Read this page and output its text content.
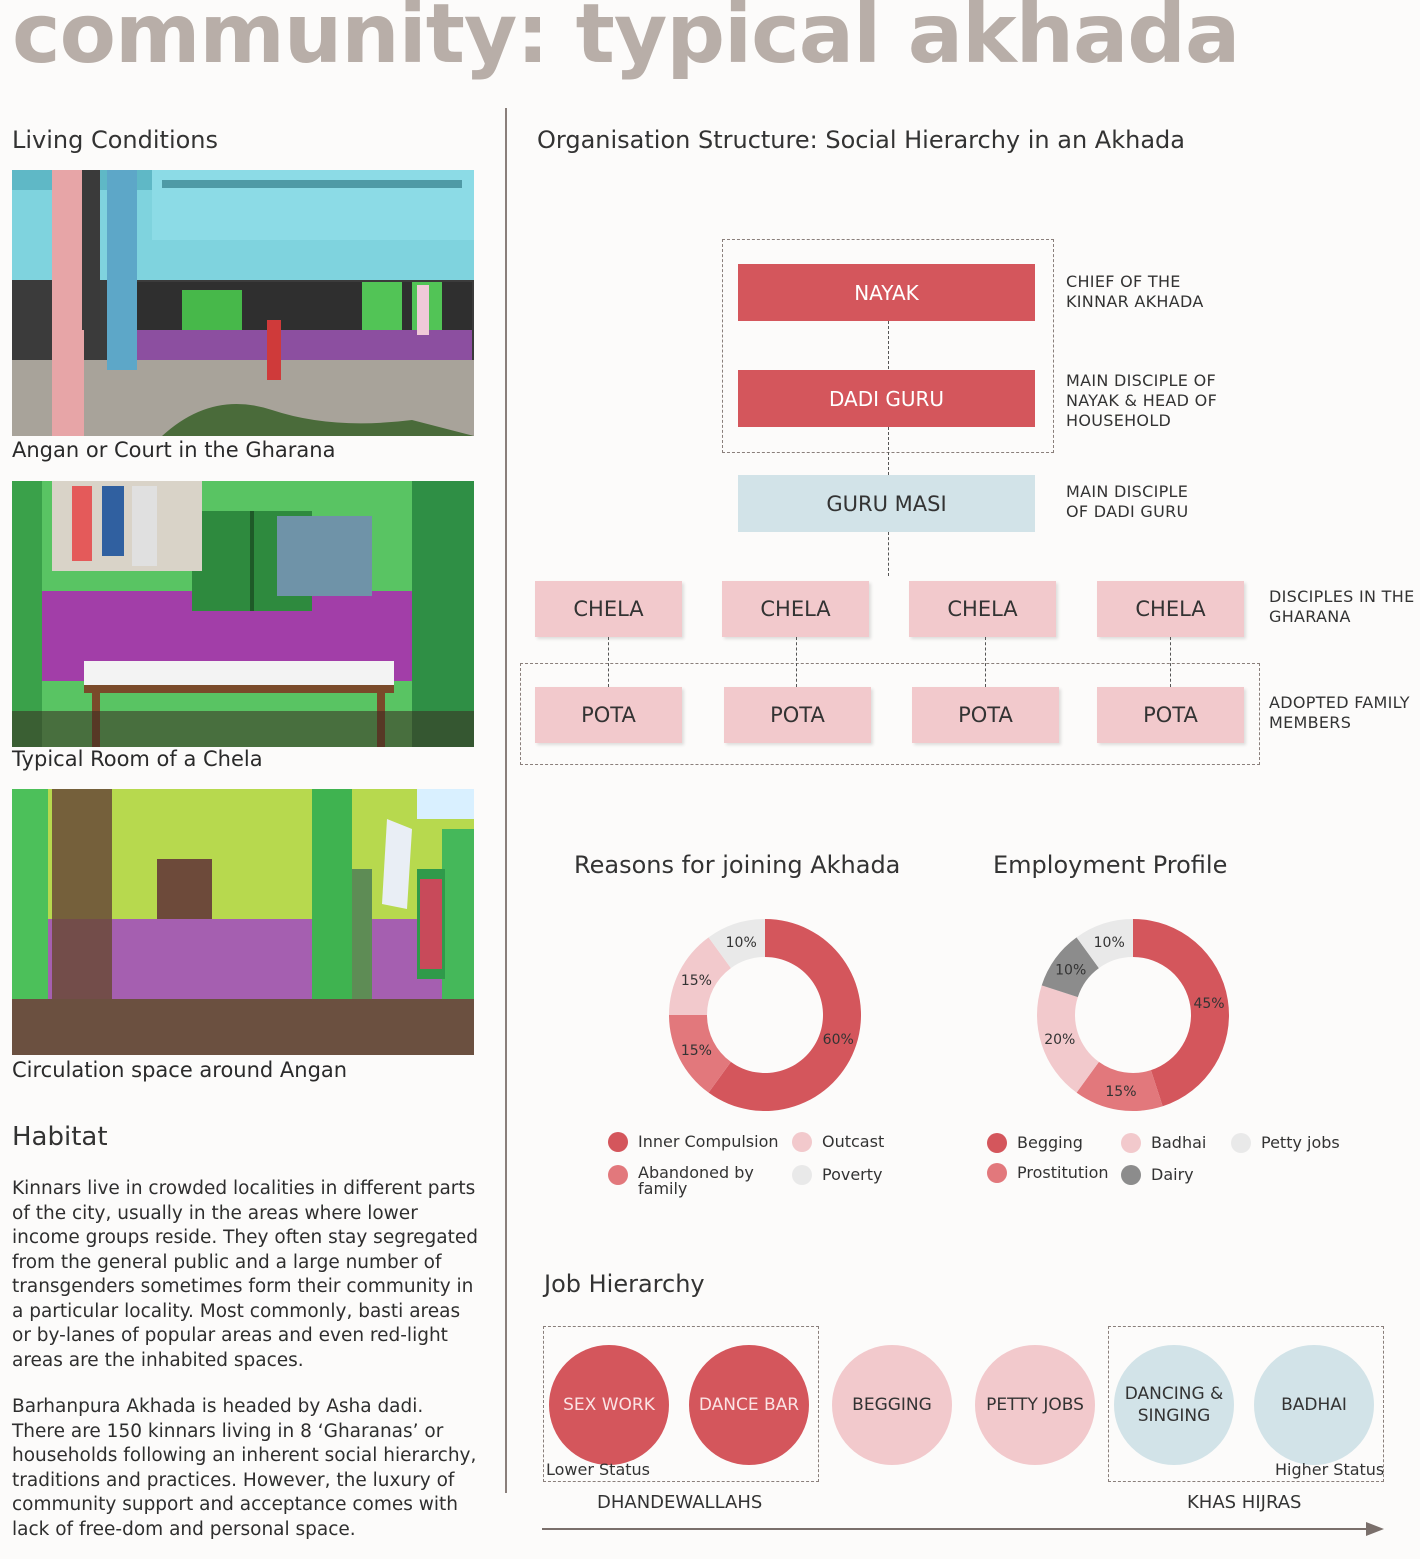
community: typical akhada
Living Conditions
Angan or Court in the Gharana
Typical Room of a Chela
Circulation space around Angan
Habitat
Kinnars live in crowded localities in different parts of the city, usually in the areas where lower income groups reside. They often stay segregated from the general public and a large number of transgenders sometimes form their community in a particular locality. Most commonly, basti areas or by-lanes of popular areas and even red-light areas are the inhabited spaces.
Barhanpura Akhada is headed by Asha dadi. There are 150 kinnars living in 8 ‘Gharanas’ or households following an inherent social hierarchy, traditions and practices. However, the luxury of community support and acceptance comes with lack of free-dom and personal space.
Organisation Structure: Social Hierarchy in an Akhada
NAYAK
DADI GURU
GURU MASI
CHIEF OF THE
KINNAR AKHADA
MAIN DISCIPLE OF
NAYAK & HEAD OF
HOUSEHOLD
MAIN DISCIPLE
OF DADI GURU
CHELA	CHELA	CHELA	CHELA
DISCIPLES IN THE
GHARANA
POTA	POTA	POTA	POTA
ADOPTED FAMILY
MEMBERS
Reasons for joining Akhada	Employment Profile
60%
15%
15%
10%
45%
15%
20%
10%
10%
Inner Compulsion	Outcast
Abandoned by
family
Poverty
Begging	Badhai	Petty jobs
Prostitution	Dairy
Job Hierarchy
SEX WORK	DANCE BAR	BEGGING	PETTY JOBS
DANCING &
SINGING
BADHAI
Lower Status	Higher Status
DHANDEWALLAHS	KHAS HIJRAS
